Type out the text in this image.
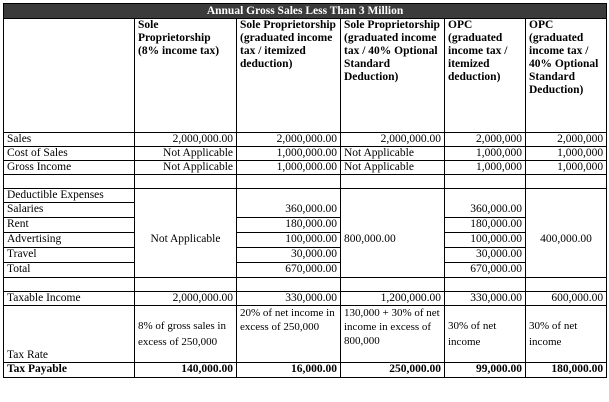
Annual Gross Sales Less Than 3 Million					
	Sole Proprietorship (8% income tax)	Sole Proprietorship (graduated income tax / itemized deduction)	Sole Proprietorship (graduated income tax / 40% Optional Standard Deduction)	OPC (graduated income tax / itemized deduction)	OPC (graduated income tax / 40% Optional Standard Deduction)
Sales	2,000,000.00	2,000,000.00	2,000,000.00	2,000,000	2,000,000
Cost of Sales	Not Applicable	1,000,000.00	Not Applicable	1,000,000	1,000,000
Gross Income	Not Applicable	1,000,000.00	Not Applicable	1,000,000	1,000,000

Deductible Expenses					
Salaries	Not Applicable	360,000.00	800,000.00	360,000.00	400,000.00
Rent		180,000.00		180,000.00	
Advertising		100,000.00		100,000.00	
Travel		30,000.00		30,000.00	
Total		670,000.00		670,000.00	

Taxable Income	2,000,000.00	330,000.00	1,200,000.00	330,000.00	600,000.00
Tax Rate	8% of gross sales in excess of 250,000	20% of net income in excess of 250,000	130,000 + 30% of net income in excess of 800,000	30% of net income	30% of net income
Tax Payable	140,000.00	16,000.00	250,000.00	99,000.00	180,000.00
